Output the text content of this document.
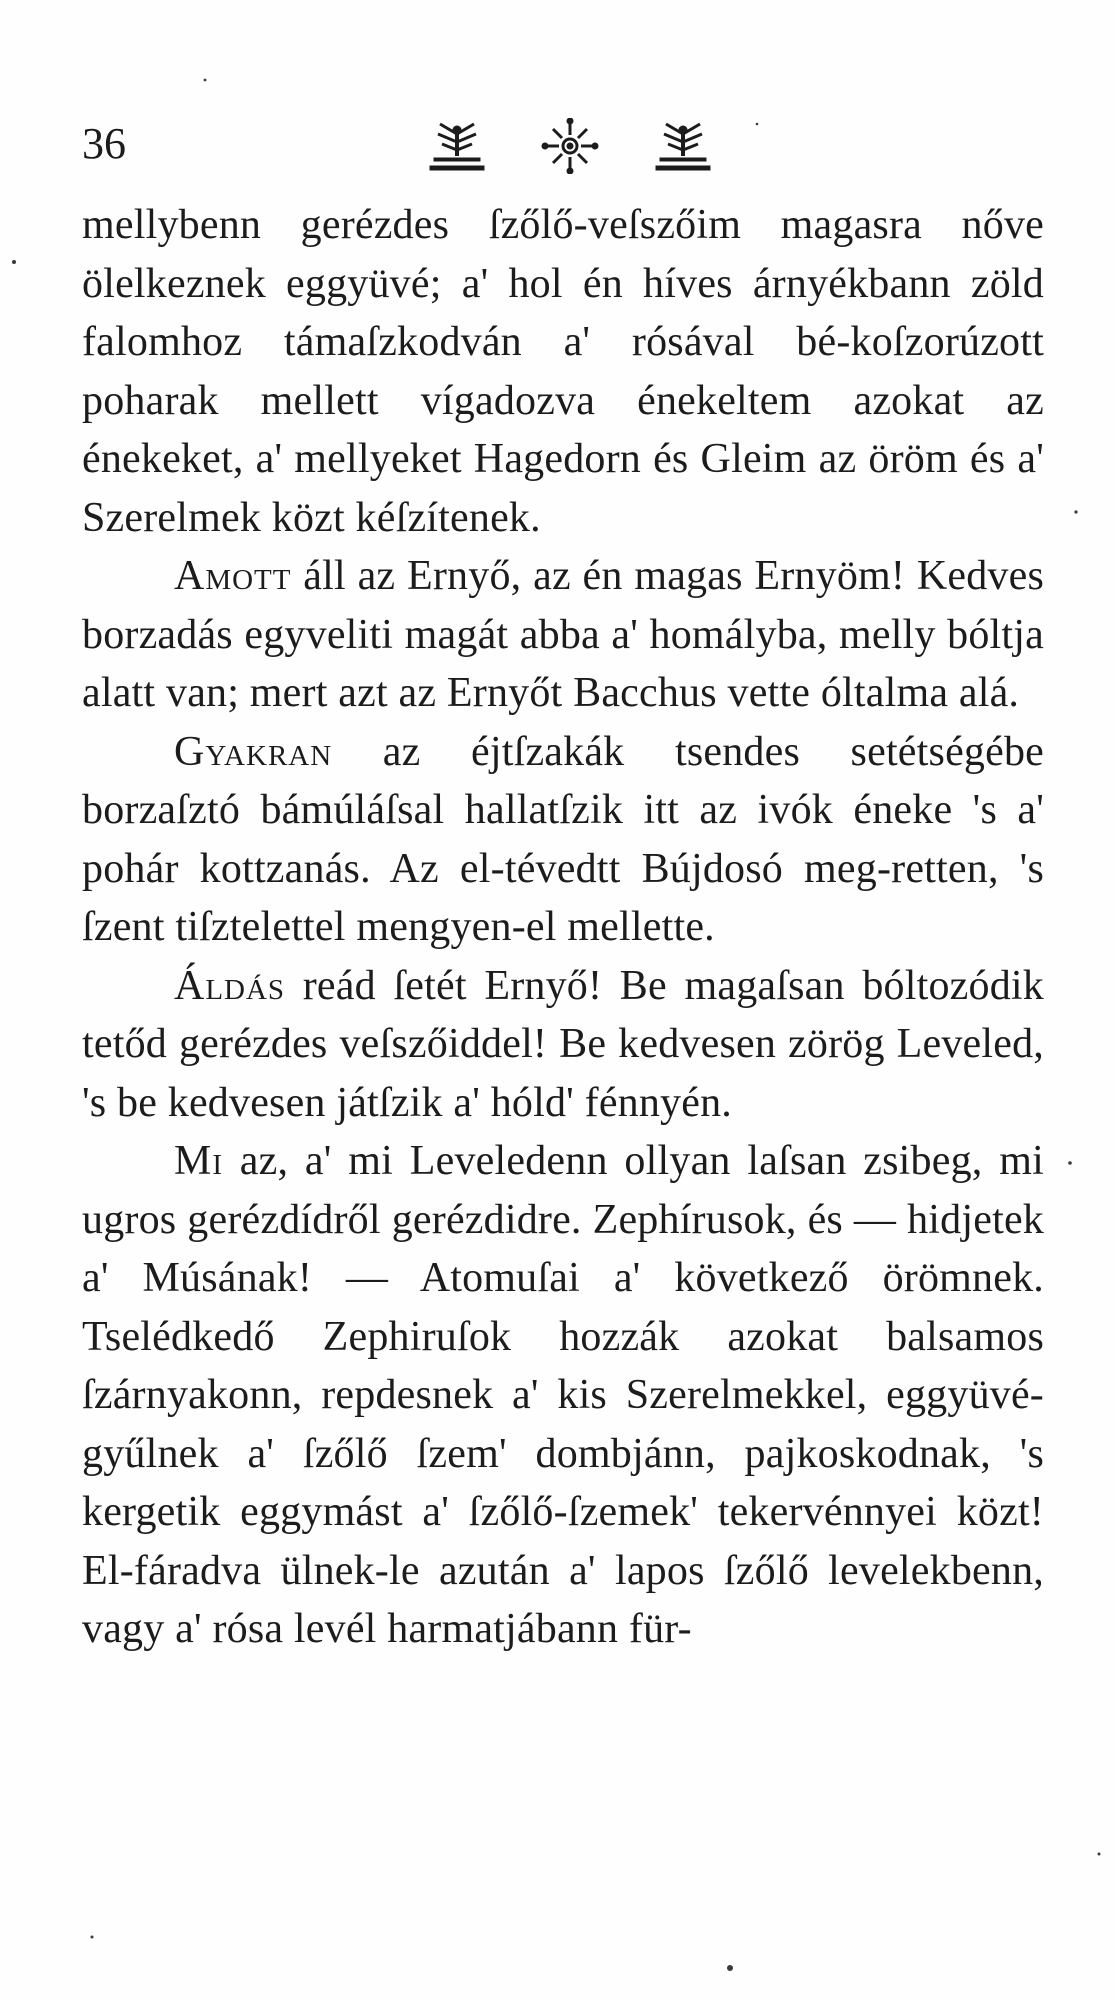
36

mellybenn gerézdes ſzőlő-veſszőim magasra nőve ölelkeznek eggyüvé; a' hol én híves árnyékbann zöld falomhoz támaſzkodván a' rósával bé-koſzorúzott poharak mellett vígadozva énekeltem azokat az énekeket, a' mellyeket Hagedorn és Gleim az öröm és a' Szerelmek közt kéſzítenek.

Amott áll az Ernyő, az én magas Ernyöm! Kedves borzadás egyveliti magát abba a' homályba, melly bóltja alatt van; mert azt az Ernyőt Bacchus vette óltalma alá.

Gyakran az éjtſzakák tsendes setétségébe borzaſztó bámúláſsal hallatſzik itt az ivók éneke 's a' pohár kottzanás. Az el-tévedtt Bújdosó meg-retten, 's ſzent tiſztelettel mengyen-el mellette.

Áldás reád ſetét Ernyő! Be magaſsan bóltozódik tetőd gerézdes veſszőiddel! Be kedvesen zörög Leveled, 's be kedvesen játſzik a' hóld' fénnyén.

Mi az, a' mi Leveledenn ollyan laſsan zsibeg, mi ugros gerézdídről gerézdidre. Zephírusok, és — hidjetek a' Músának! — Atomuſai a' következő örömnek. Tselédkedő Zephiruſok hozzák azokat balsamos ſzárnyakonn, repdesnek a' kis Szerelmekkel, eggyüvé-gyűlnek a' ſzőlő ſzem' dombjánn, pajkoskodnak, 's kergetik eggymást a' ſzőlő-ſzemek' tekervénnyei közt! El-fáradva ülnek-le azután a' lapos ſzőlő levelekbenn, vagy a' rósa levél harmatjábann für-
